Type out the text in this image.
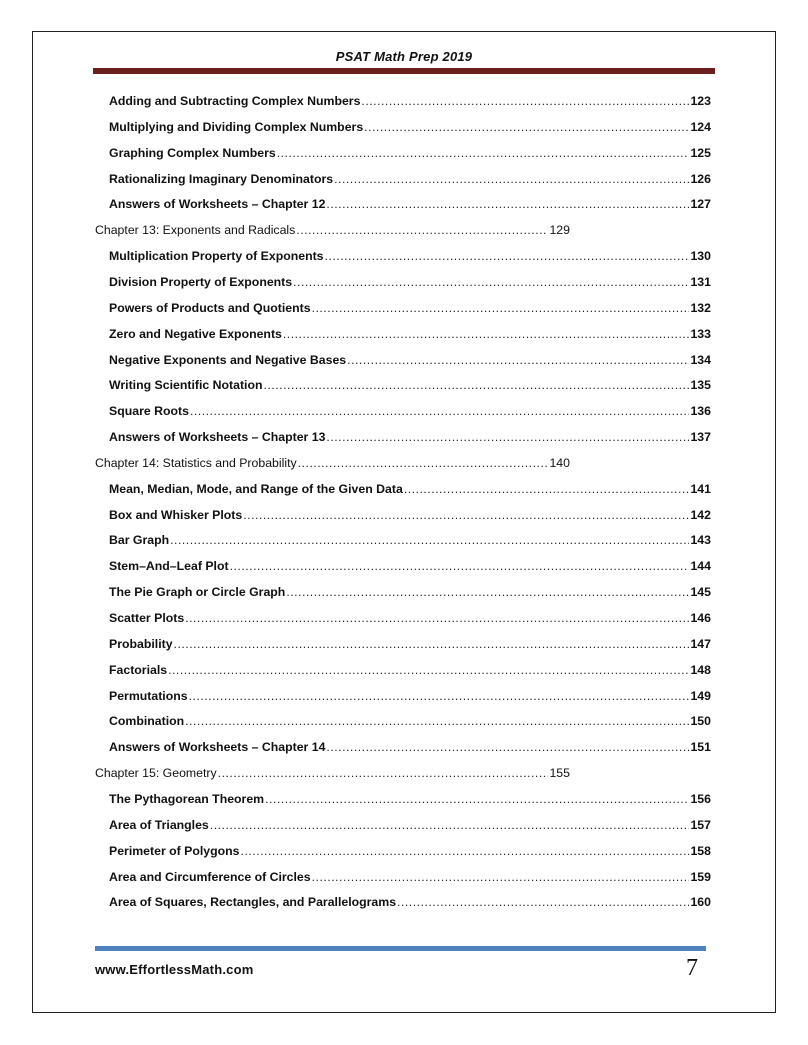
PSAT Math Prep 2019
Adding and Subtracting Complex Numbers .....	123
Multiplying and Dividing Complex Numbers .....	124
Graphing Complex Numbers .....	125
Rationalizing Imaginary Denominators .....	126
Answers of Worksheets – Chapter 12 .....	127
Chapter 13: Exponents and Radicals .....	129
Multiplication Property of Exponents .....	130
Division Property of Exponents .....	131
Powers of Products and Quotients .....	132
Zero and Negative Exponents .....	133
Negative Exponents and Negative Bases .....	134
Writing Scientific Notation .....	135
Square Roots .....	136
Answers of Worksheets – Chapter 13 .....	137
Chapter 14: Statistics and Probability .....	140
Mean, Median, Mode, and Range of the Given Data .....	141
Box and Whisker Plots .....	142
Bar Graph .....	143
Stem–And–Leaf Plot .....	144
The Pie Graph or Circle Graph .....	145
Scatter Plots .....	146
Probability .....	147
Factorials .....	148
Permutations .....	149
Combination .....	150
Answers of Worksheets – Chapter 14 .....	151
Chapter 15: Geometry .....	155
The Pythagorean Theorem .....	156
Area of Triangles .....	157
Perimeter of Polygons .....	158
Area and Circumference of Circles .....	159
Area of Squares, Rectangles, and Parallelograms .....	160
www.EffortlessMath.com	7
